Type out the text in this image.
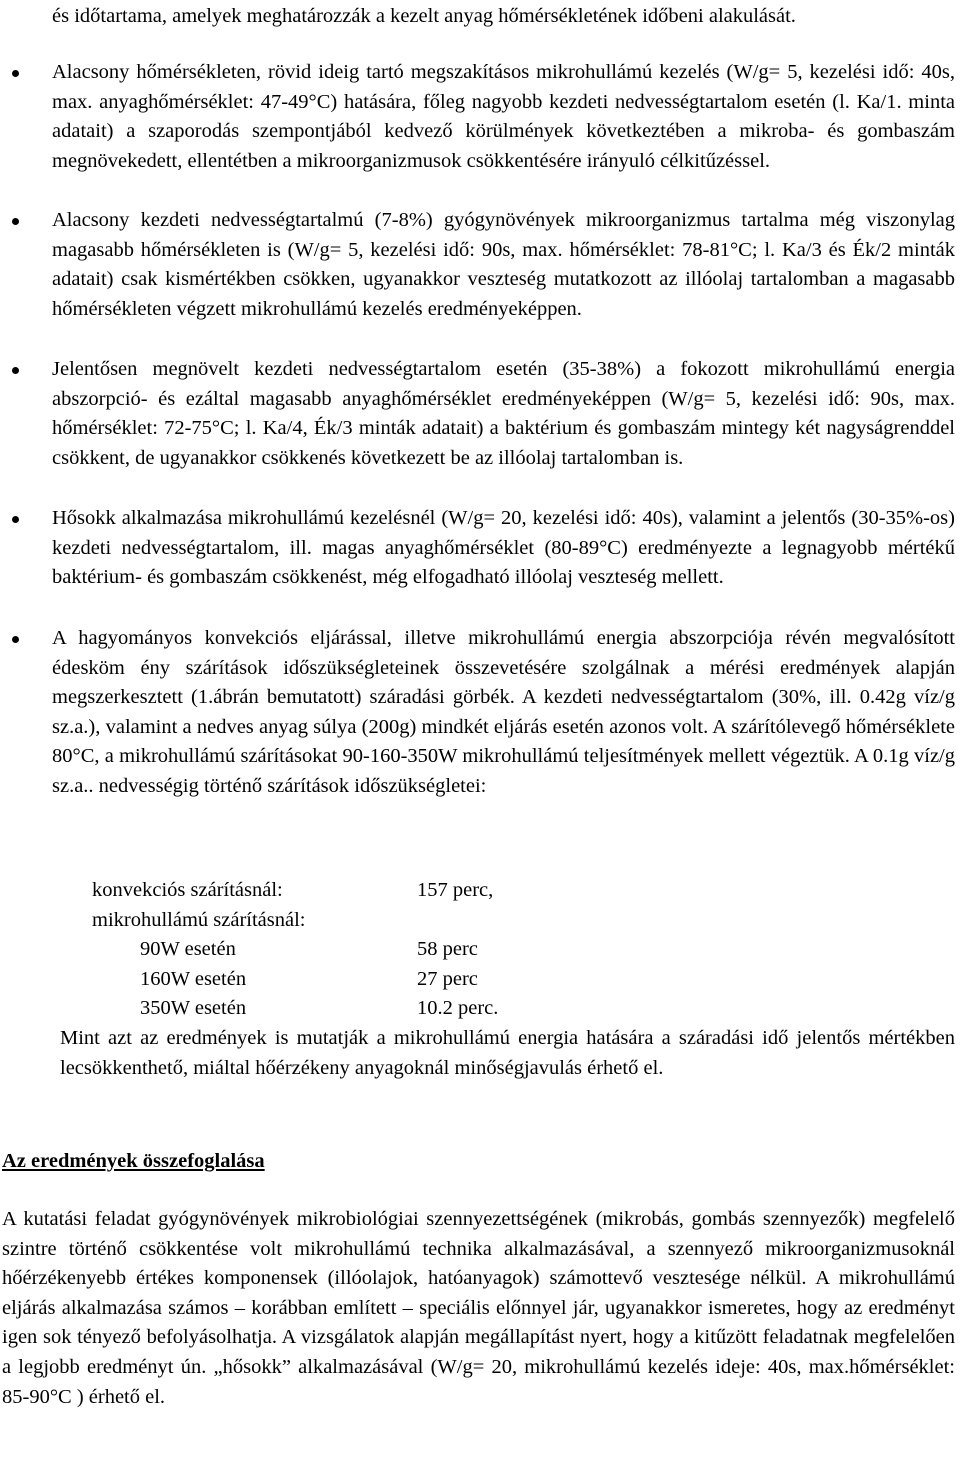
és időtartama, amelyek meghatározzák a kezelt anyag hőmérsékletének időbeni alakulását.

Alacsony hőmérsékleten, rövid ideig tartó megszakításos mikrohullámú kezelés (W/g= 5, kezelési idő: 40s, max. anyaghőmérséklet: 47-49°C) hatására, főleg nagyobb kezdeti nedvességtartalom esetén (l. Ka/1. minta adatait) a szaporodás szempontjából kedvező körülmények következtében a mikroba- és gombaszám megnövekedett, ellentétben a mikroorganizmusok csökkentésére irányuló célkitűzéssel.
Alacsony kezdeti nedvességtartalmú (7-8%) gyógynövények mikroorganizmus tartalma még viszonylag magasabb hőmérsékleten is (W/g= 5, kezelési idő: 90s, max. hőmérséklet: 78-81°C; l. Ka/3 és Ék/2 minták adatait) csak kismértékben csökken, ugyanakkor veszteség mutatkozott az illóolaj tartalomban a magasabb hőmérsékleten végzett mikrohullámú kezelés eredményeképpen.
Jelentősen megnövelt kezdeti nedvességtartalom esetén (35-38%) a fokozott mikrohullámú energia abszorpció- és ezáltal magasabb anyaghőmérséklet eredményeképpen (W/g= 5, kezelési idő: 90s, max. hőmérséklet: 72-75°C; l. Ka/4, Ék/3 minták adatait) a baktérium és gombaszám mintegy két nagyságrenddel csökkent, de ugyanakkor csökkenés következett be az illóolaj tartalomban is.
Hősokk alkalmazása mikrohullámú kezelésnél (W/g= 20, kezelési idő: 40s), valamint a jelentős (30-35%-os) kezdeti nedvességtartalom, ill. magas anyaghőmérséklet (80-89°C) eredményezte a legnagyobb mértékű baktérium- és gombaszám csökkenést, még elfogadható illóolaj veszteség mellett.
A hagyományos konvekciós eljárással, illetve mikrohullámú energia abszorpciója révén megvalósított édesköm ény szárítások időszükségleteinek összevetésére szolgálnak a mérési eredmények alapján megszerkesztett (1.ábrán bemutatott) száradási görbék. A kezdeti nedvességtartalom (30%, ill. 0.42g víz/g sz.a.), valamint a nedves anyag súlya (200g) mindkét eljárás esetén azonos volt. A szárítólevegő hőmérséklete 80°C, a mikrohullámú szárításokat 90-160-350W mikrohullámú teljesítmények mellett végeztük. A 0.1g víz/g sz.a.. nedvességig történő szárítások időszükségletei:
konvekciós szárításnál:	157 perc,
mikrohullámú szárításnál:
90W esetén	58 perc
160W esetén	27 perc
350W esetén	10.2 perc.

Mint azt az eredmények is mutatják a mikrohullámú energia hatására a száradási idő jelentős mértékben lecsökkenthető, miáltal hőérzékeny anyagoknál minőségjavulás érhető el.

Az eredmények összefoglalása

A kutatási feladat gyógynövények mikrobiológiai szennyezettségének (mikrobás, gombás szennyezők) megfelelő szintre történő csökkentése volt mikrohullámú technika alkalmazásával, a szennyező mikroorganizmusoknál hőérzékenyebb értékes komponensek (illóolajok, hatóanyagok) számottevő vesztesége nélkül. A mikrohullámú eljárás alkalmazása számos – korábban említett – speciális előnnyel jár, ugyanakkor ismeretes, hogy az eredményt igen sok tényező befolyásolhatja. A vizsgálatok alapján megállapítást nyert, hogy a kitűzött feladatnak megfelelően a legjobb eredményt ún. „hősokk” alkalmazásával (W/g= 20, mikrohullámú kezelés ideje: 40s, max.hőmérséklet: 85-90°C ) érhető el.
